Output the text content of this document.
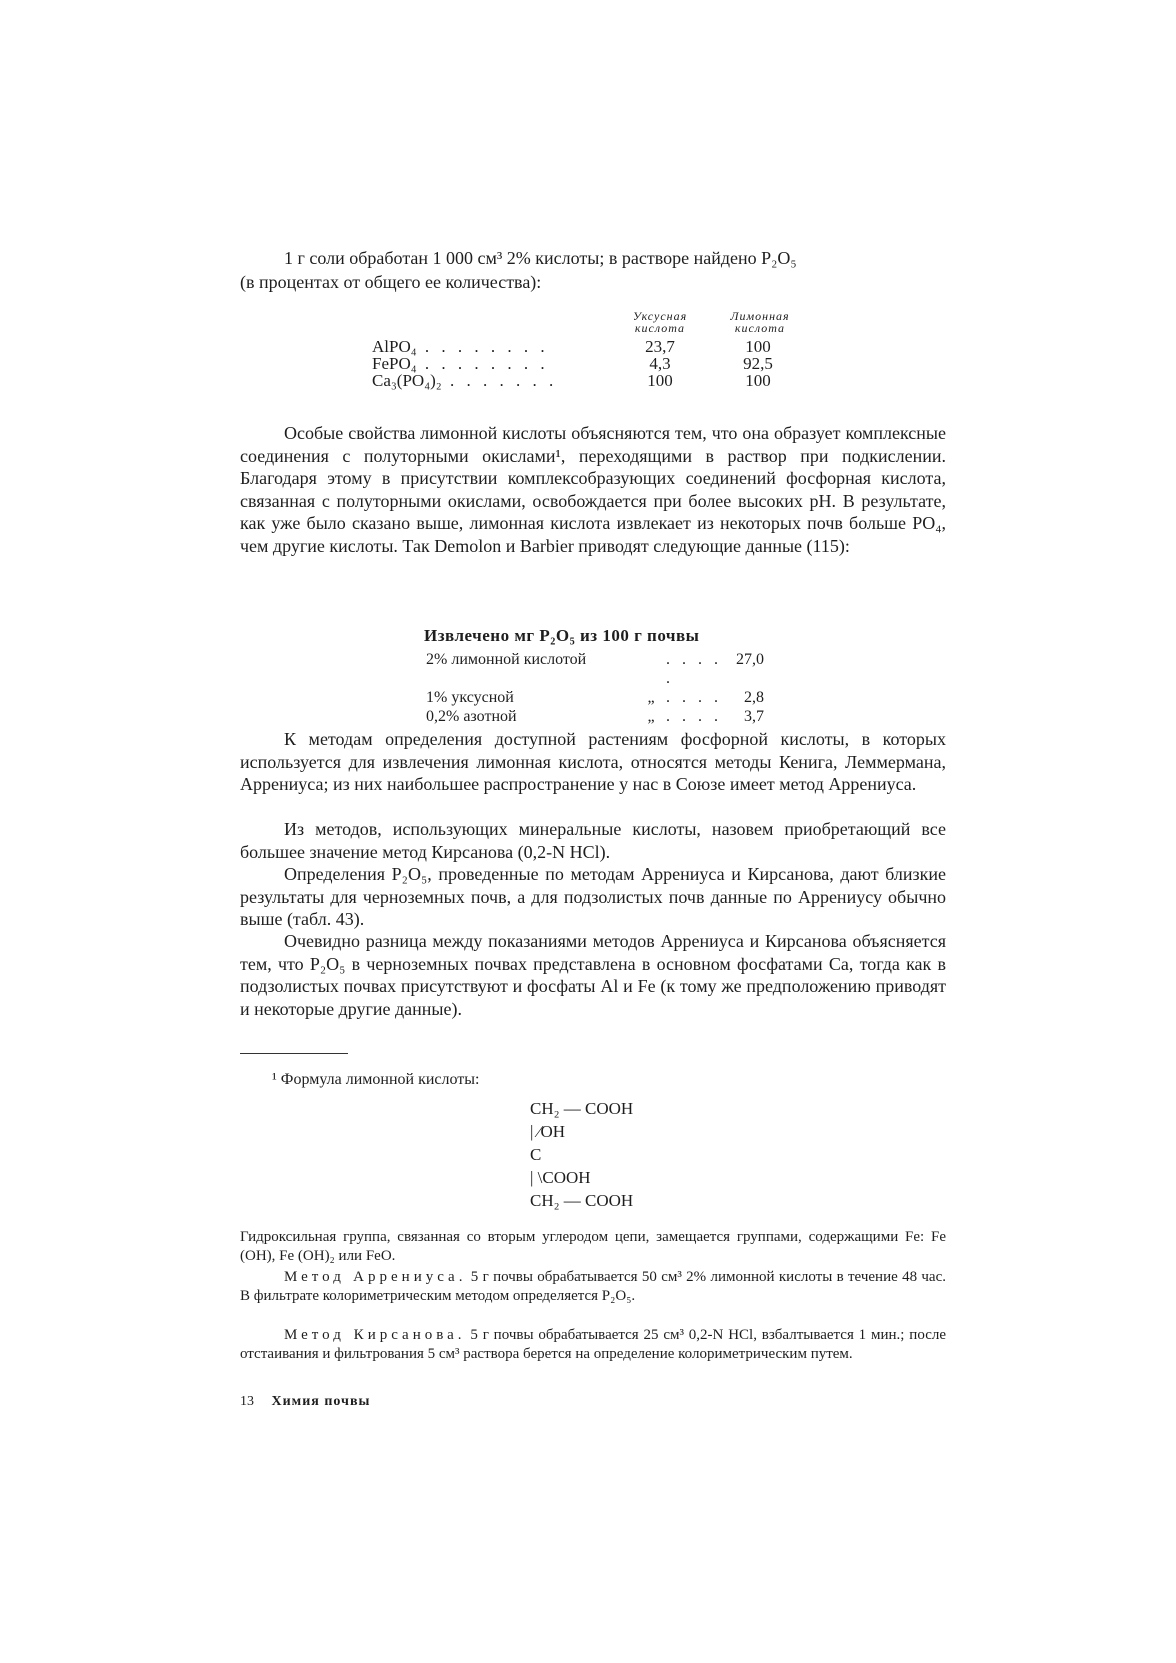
1 г соли обработан 1 000 см³ 2% кислоты; в растворе найдено P₂O₅

(в процентах от общего ее количества):

	Уксусная кислота	Лимонная кислота
AlPO₄ . . . . . . . .	23,7	100
FePO₄ . . . . . . . .	4,3	92,5
Ca₃(PO₄)₂ . . . . . . .	100	100

Особые свойства лимонной кислоты объясняются тем, что она образует комплексные соединения с полуторными окислами¹, переходящими в раствор при подкислении. Благодаря этому в присутствии комплексобразующих соединений фосфорная кислота, связанная с полуторными окислами, освобождается при более высоких pH. В результате, как уже было сказано выше, лимонная кислота извлекает из некоторых почв больше PO₄, чем другие кислоты. Так Demolon и Barbier приводят следующие данные (115):

Извлечено мг P₂O₅ из 100 г почвы
2% лимонной кислотой		. . . . .	27,0
1% уксусной	„	. . . .	2,8
0,2% азотной	„	. . . .	3,7

К методам определения доступной растениям фосфорной кислоты, в которых используется для извлечения лимонная кислота, относятся методы Кенига, Леммермана, Аррениуса; из них наибольшее распространение у нас в Союзе имеет метод Аррениуса.

Из методов, использующих минеральные кислоты, назовем приобретающий все большее значение метод Кирсанова (0,2-N HCl).

Определения P₂O₅, проведенные по методам Аррениуса и Кирсанова, дают близкие результаты для черноземных почв, а для подзолистых почв данные по Аррениусу обычно выше (табл. 43).

Очевидно разница между показаниями методов Аррениуса и Кирсанова объясняется тем, что P₂O₅ в черноземных почвах представлена в основном фосфатами Ca, тогда как в подзолистых почвах присутствуют и фосфаты Al и Fe (к тому же предположению приводят и некоторые другие данные).

¹ Формула лимонной кислоты:

CH₂ — COOH
| ⁄OH
C
| \COOH
CH₂ — COOH

Гидроксильная группа, связанная со вторым углеродом цепи, замещается группами, содержащими Fe: Fe (OH), Fe (OH)₂ или FeO.

Метод Аррениуса. 5 г почвы обрабатывается 50 см³ 2% лимонной кислоты в течение 48 час. В фильтрате колориметрическим методом определяется P₂O₅.

Метод Кирсанова. 5 г почвы обрабатывается 25 см³ 0,2-N HCl, взбалтывается 1 мин.; после отстаивания и фильтрования 5 см³ раствора берется на определение колориметрическим путем.

13 Химия почвы
